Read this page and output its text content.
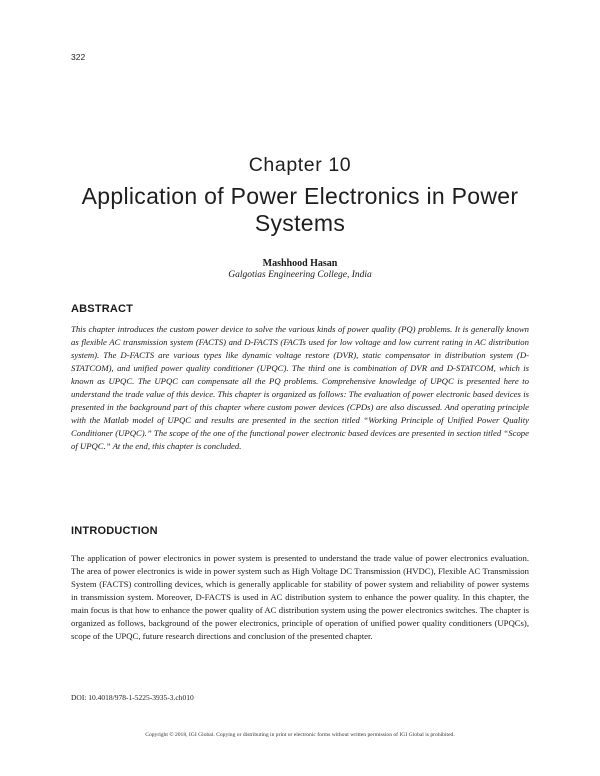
322
Chapter 10
Application of Power Electronics in Power Systems
Mashhood Hasan
Galgotias Engineering College, India
ABSTRACT
This chapter introduces the custom power device to solve the various kinds of power quality (PQ) problems. It is generally known as flexible AC transmission system (FACTS) and D-FACTS (FACTs used for low voltage and low current rating in AC distribution system). The D-FACTS are various types like dynamic voltage restore (DVR), static compensator in distribution system (D-STATCOM), and unified power quality conditioner (UPQC). The third one is combination of DVR and D-STATCOM, which is known as UPQC. The UPQC can compensate all the PQ problems. Comprehensive knowledge of UPQC is presented here to understand the trade value of this device. This chapter is organized as follows: The evaluation of power electronic based devices is presented in the background part of this chapter where custom power devices (CPDs) are also discussed. And operating principle with the Matlab model of UPQC and results are presented in the section titled “Working Principle of Unified Power Quality Conditioner (UPQC).” The scope of the one of the functional power electronic based devices are presented in section titled “Scope of UPQC.” At the end, this chapter is concluded.
INTRODUCTION
The application of power electronics in power system is presented to understand the trade value of power electronics evaluation. The area of power electronics is wide in power system such as High Voltage DC Transmission (HVDC), Flexible AC Transmission System (FACTS) controlling devices, which is generally applicable for stability of power system and reliability of power systems in transmission system. Moreover, D-FACTS is used in AC distribution system to enhance the power quality. In this chapter, the main focus is that how to enhance the power quality of AC distribution system using the power electronics switches. The chapter is organized as follows, background of the power electronics, principle of operation of unified power quality conditioners (UPQCs), scope of the UPQC, future research directions and conclusion of the presented chapter.
DOI: 10.4018/978-1-5225-3935-3.ch010
Copyright © 2018, IGI Global. Copying or distributing in print or electronic forms without written permission of IGI Global is prohibited.
